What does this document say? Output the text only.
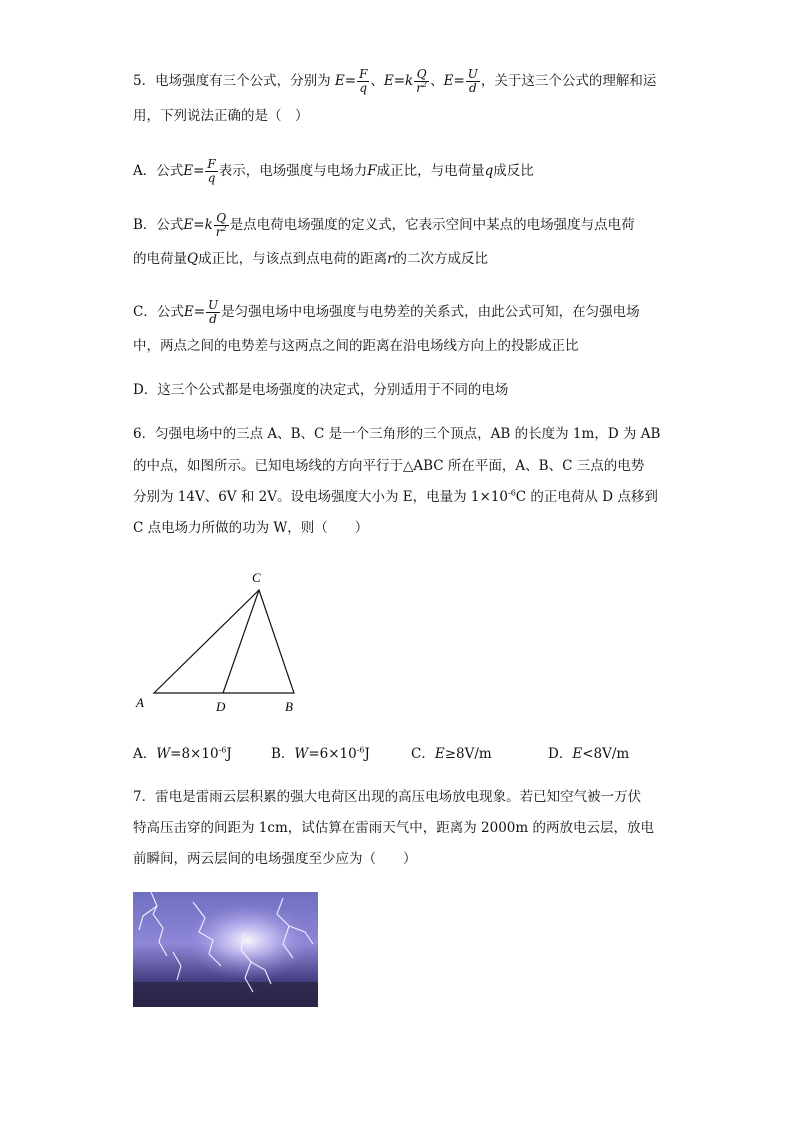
5．电场强度有三个公式，分别为 $E= \frac{F}{q}$ 、$E=k \frac{Q}{r^2}$ 、$E= \frac{U}{d}$ ，关于这三个公式的理解和运
用，下列说法正确的是（　）
A．公式$E= \frac{F}{q}$ 表示，电场强度与电场力F成正比，与电荷量q成反比
B．公式$E=k \frac{Q}{r^2}$ 是点电荷电场强度的定义式，它表示空间中某点的电场强度与点电荷
的电荷量Q成正比，与该点到点电荷的距离r的二次方成反比
C．公式$E= \frac{U}{d}$ 是匀强电场中电场强度与电势差的关系式，由此公式可知，在匀强电场
中，两点之间的电势差与这两点之间的距离在沿电场线方向上的投影成正比
D．这三个公式都是电场强度的决定式，分别适用于不同的电场
6．匀强电场中的三点 A、B、C 是一个三角形的三个顶点，AB 的长度为 1m，D 为 AB
的中点，如图所示。已知电场线的方向平行于△ABC 所在平面，A、B、C 三点的电势
分别为 14V、6V 和 2V。设电场强度大小为 E，电量为 $1\times 10^{-6}C$ 的正电荷从 D 点移到
C 点电场力所做的功为 W，则（　　）
C
A	D	B
A．$W=8\times 10^{-6}J$	B．$W=6\times 10^{-6}J$	C．E≥8V/m	D．E<8V/m
7．雷电是雷雨云层积累的强大电荷区出现的高压电场放电现象。若已知空气被一万伏
特高压击穿的间距为 1cm，试估算在雷雨天气中，距离为 2000m 的两放电云层，放电
前瞬间，两云层间的电场强度至少应为（　　）
